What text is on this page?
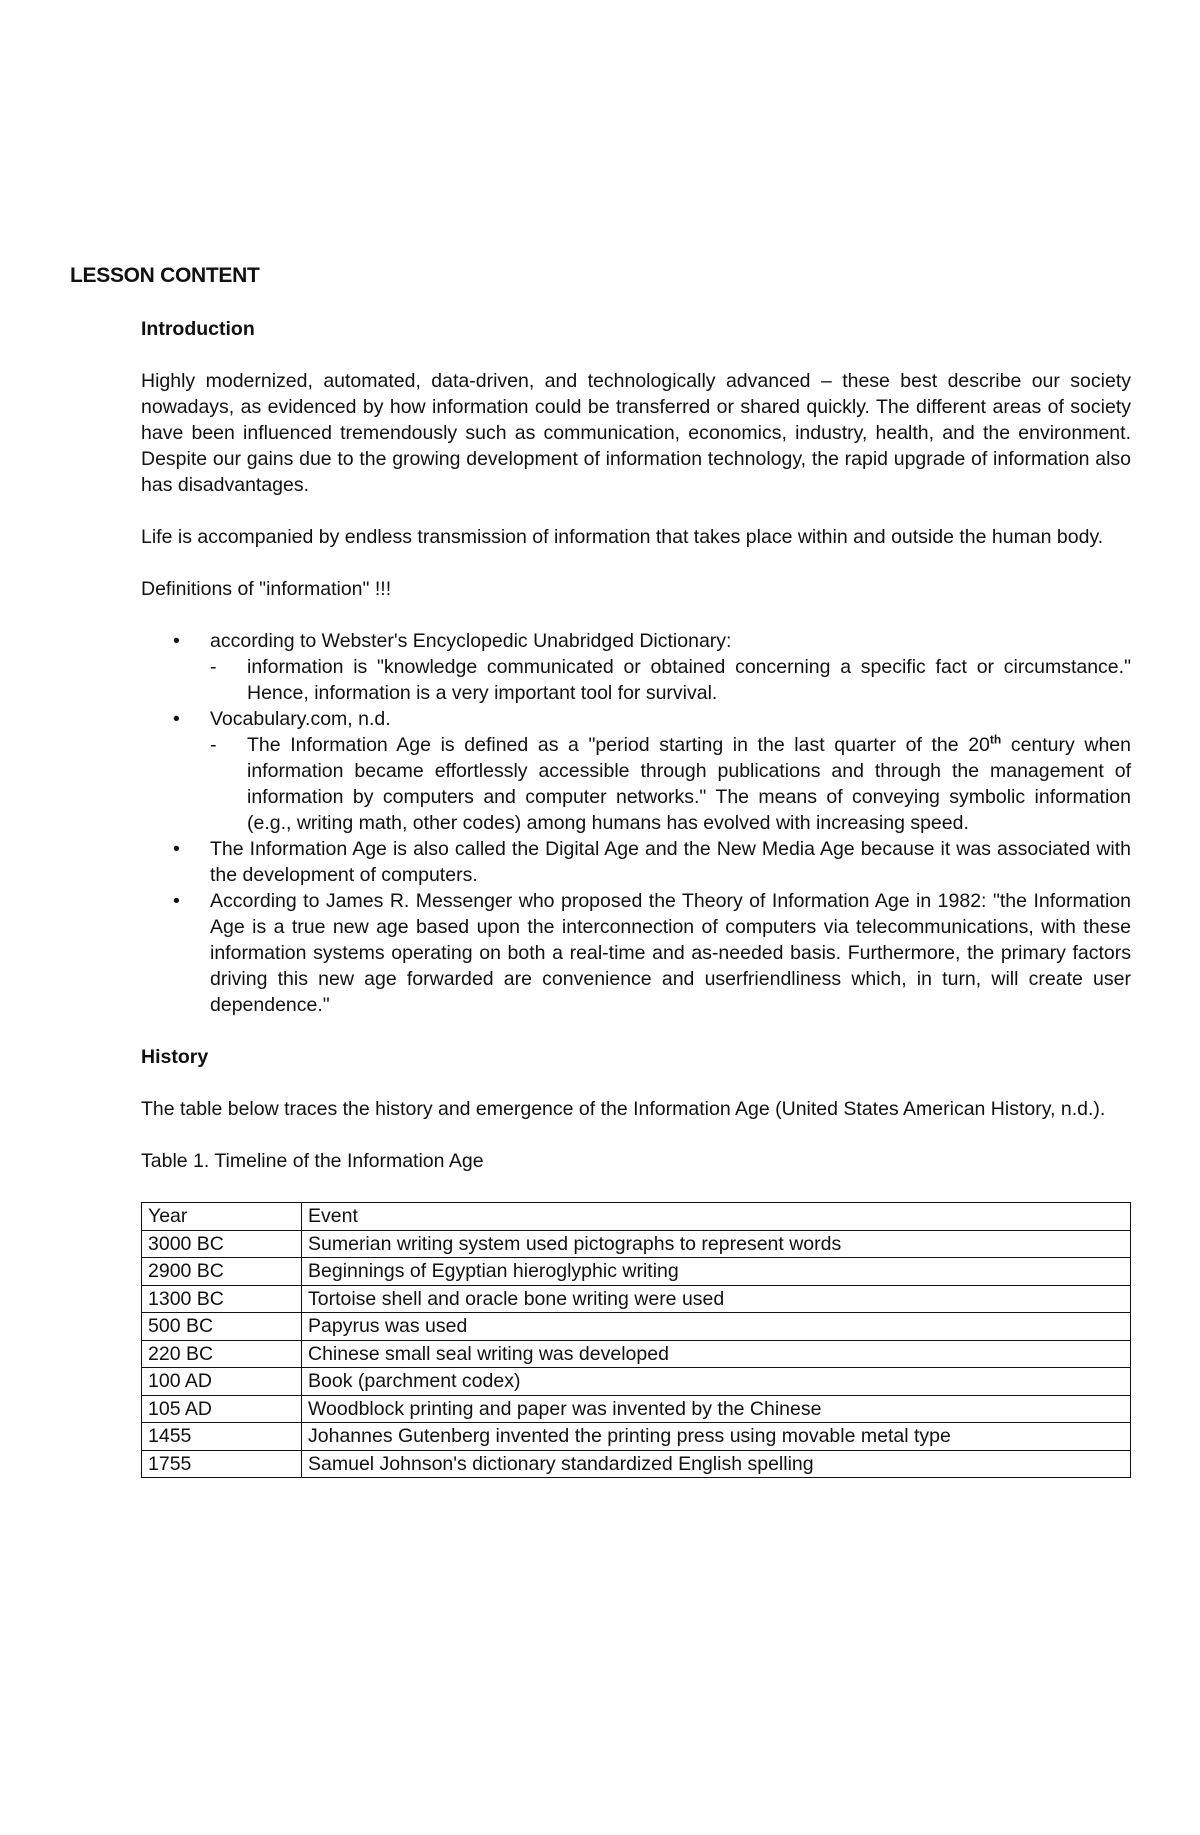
LESSON CONTENT

Introduction

Highly modernized, automated, data-driven, and technologically advanced – these best describe our society nowadays, as evidenced by how information could be transferred or shared quickly. The different areas of society have been influenced tremendously such as communication, economics, industry, health, and the environment. Despite our gains due to the growing development of information technology, the rapid upgrade of information also has disadvantages.

Life is accompanied by endless transmission of information that takes place within and outside the human body.

Definitions of "information" !!!

• according to Webster's Encyclopedic Unabridged Dictionary:
- information is "knowledge communicated or obtained concerning a specific fact or circumstance." Hence, information is a very important tool for survival.
• Vocabulary.com, n.d.
- The Information Age is defined as a "period starting in the last quarter of the 20th century when information became effortlessly accessible through publications and through the management of information by computers and computer networks." The means of conveying symbolic information (e.g., writing math, other codes) among humans has evolved with increasing speed.
• The Information Age is also called the Digital Age and the New Media Age because it was associated with the development of computers.
• According to James R. Messenger who proposed the Theory of Information Age in 1982: "the Information Age is a true new age based upon the interconnection of computers via telecommunications, with these information systems operating on both a real-time and as-needed basis. Furthermore, the primary factors driving this new age forwarded are convenience and userfriendliness which, in turn, will create user dependence."

History

The table below traces the history and emergence of the Information Age (United States American History, n.d.).

Table 1. Timeline of the Information Age

Year	Event
3000 BC	Sumerian writing system used pictographs to represent words
2900 BC	Beginnings of Egyptian hieroglyphic writing
1300 BC	Tortoise shell and oracle bone writing were used
500 BC	Papyrus was used
220 BC	Chinese small seal writing was developed
100 AD	Book (parchment codex)
105 AD	Woodblock printing and paper was invented by the Chinese
1455	Johannes Gutenberg invented the printing press using movable metal type
1755	Samuel Johnson's dictionary standardized English spelling
